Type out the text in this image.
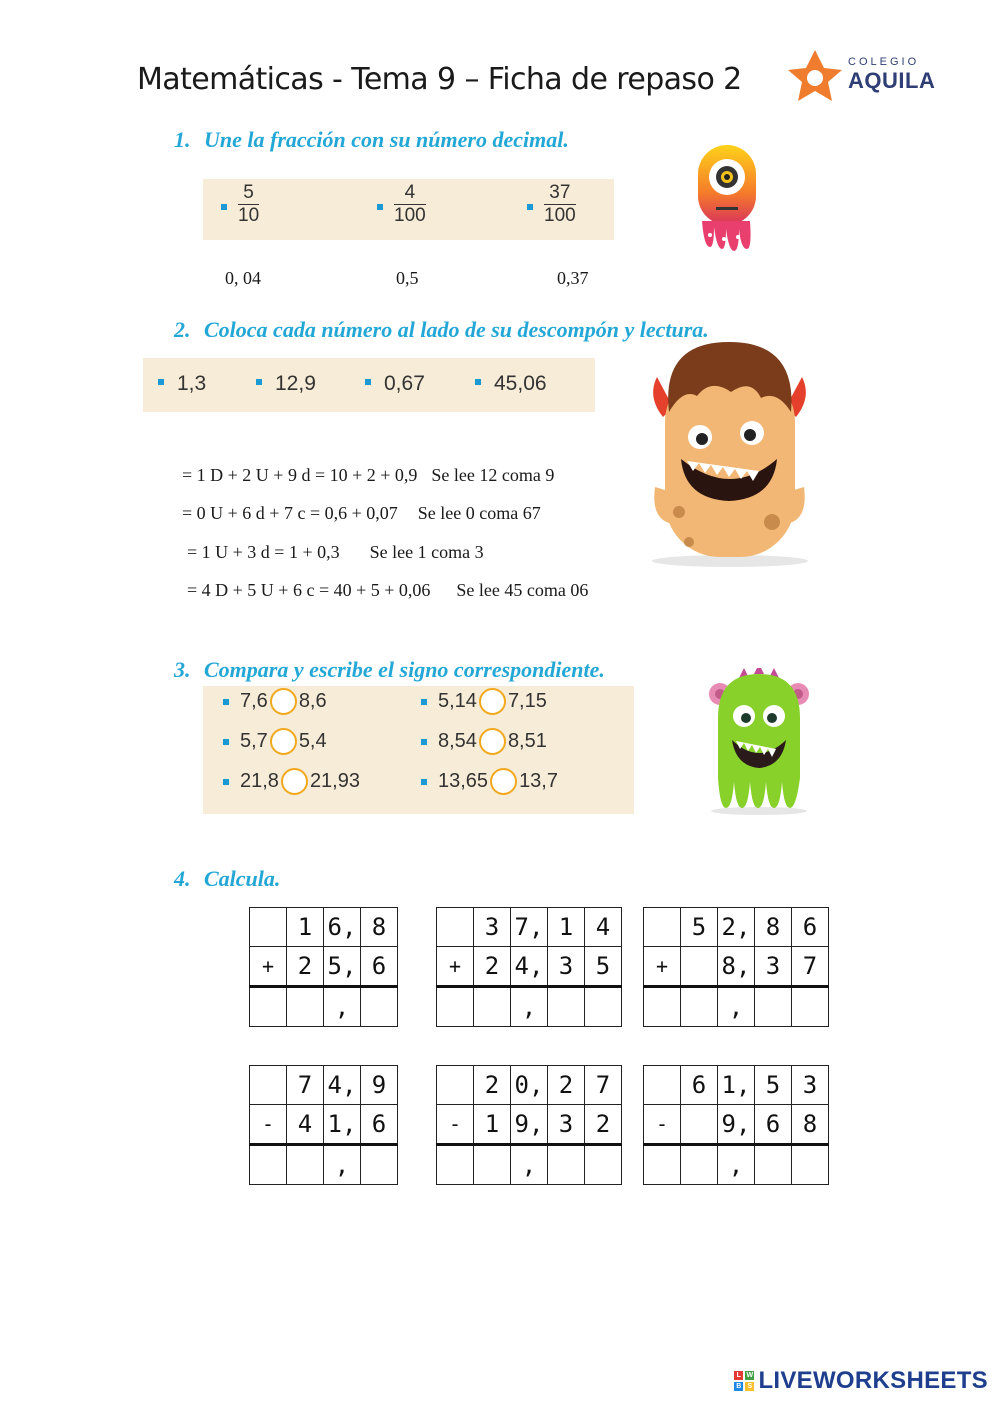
Matemáticas - Tema 9 – Ficha de repaso 2	COLEGIO
AQUILA
1. Une la fracción con su número decimal.
$\frac{5}{10}$	$\frac{4}{100}$	$\frac{37}{100}$
0, 04	0,5	0,37
2. Coloca cada número al lado de su descompón y lectura.
1,3	12,9	0,67	45,06
= 1 D + 2 U + 9 d = 10 + 2 + 0,9 Se lee 12 coma 9
= 0 U + 6 d + 7 c = 0,6 + 0,07 Se lee 0 coma 67
= 1 U + 3 d = 1 + 0,3 Se lee 1 coma 3
= 4 D + 5 U + 6 c = 40 + 5 + 0,06 Se lee 45 coma 06
3. Compara y escribe el signo correspondiente.
7,6 8,6	5,14 7,15
5,7 5,4	8,54 8,51
21,8 21,93	13,65 13,7
4. Calcula.
	1	6,	8
+	2	5,	6
		,	
	3	7,	1	4
+	2	4,	3	5
		,		
	5	2,	8	6
+		8,	3	7
		,		
	7	4,	9
-	4	1,	6
		,	
	2	0,	2	7
-	1	9,	3	2
		,		
	6	1,	5	3
-		9,	6	8
		,		
L W
B S LIVEWORKSHEETS
